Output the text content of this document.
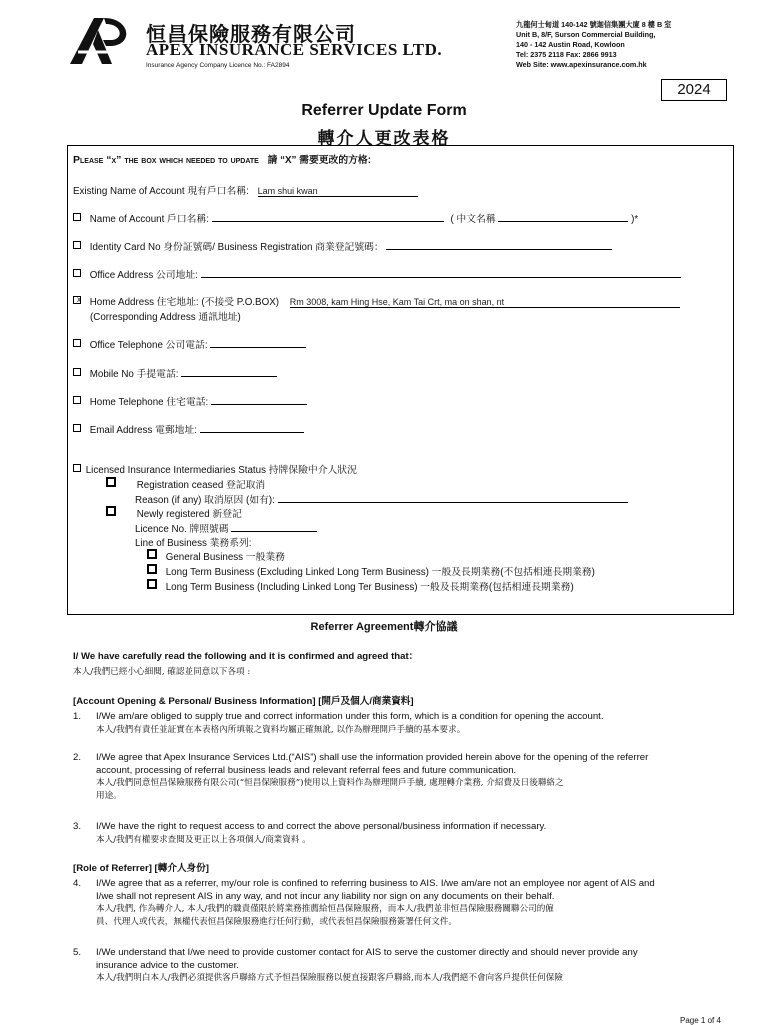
恒昌保險服務有限公司
APEX INSURANCE SERVICES LTD.
Insurance Agency Company Licence No.: FA2894
九龍何士甸道 140-142 號迦信集團大廈 8 樓 B 室
Unit B, 8/F, Surson Commercial Building,
140 - 142 Austin Road, Kowloon
Tel: 2375 2118 Fax: 2866 9913
Web Site: www.apexinsurance.com.hk
2024
Referrer Update Form
轉介人更改表格
Please “x” the box which needed to update 請 “X” 需要更改的方格:
Existing Name of Account 現有戶口名稱: Lam shui kwan
Name of Account 戶口名稱:	( 中文名稱	)*
Identity Card No 身份証號碼/ Business Registration 商業登記號碼：
Office Address 公司地址:
x Home Address 住宅地址: (不接受 P.O.BOX) Rm 3008, kam Hing Hse, Kam Tai Crt, ma on shan, nt
(Corresponding Address 通訊地址)
Office Telephone 公司電話:
Mobile No 手提電話:
Home Telephone 住宅電話:
Email Address 電郵地址:
Licensed Insurance Intermediaries Status 持牌保險中介人狀況
Registration ceased 登記取消
Reason (if any) 取消原因 (如有):
Newly registered 新登記
Licence No. 牌照號碼
Line of Business 業務系列:
General Business 一般業務
Long Term Business (Excluding Linked Long Term Business) 一般及長期業務(不包括相連長期業務)
Long Term Business (Including Linked Long Ter Business) 一般及長期業務(包括相連長期業務)
Referrer Agreement轉介協議
I/ We have carefully read the following and it is confirmed and agreed that：
本人/我們已經小心細閱, 確認並同意以下各項 :
[Account Opening & Personal/ Business Information] [開戶及個人/商業資料]
1. I/We am/are obliged to supply true and correct information under this form, which is a condition for opening the account.
本人/我們有責任並証實在本表格內所填報之資料均屬正確無訛, 以作為辦理開戶手續的基本要求。
2. I/We agree that Apex Insurance Services Ltd.(“AIS”) shall use the information provided herein above for the opening of the referrer
account, processing of referral business leads and relevant referral fees and future communication.
本人/我們同意恒昌保險服務有限公司(“恒昌保險服務”)使用以上資料作為辦理開戶手續, 處理轉介業務, 介紹費及日後聯絡之
用途。
3. I/We have the right to request access to and correct the above personal/business information if necessary.
本人/我們有權要求查閱及更正以上各項個人/商業資料 。
[Role of Referrer] [轉介人身份]
4. I/We agree that as a referrer, my/our role is confined to referring business to AIS. I/we am/are not an employee nor agent of AIS and
I/we shall not represent AIS in any way, and not incur any liability nor sign on any documents on their behalf.
本人/我們, 作為轉介人, 本人/我們的職責僅限於將業務推薦給恒昌保險服務，而本人/我們並非恒昌保險服務關聯公司的僱
員、代理人或代表，無權代表恒昌保險服務進行任何行動，或代表恒昌保險服務簽署任何文件。
5. I/We understand that I/we need to provide customer contact for AIS to serve the customer directly and should never provide any
insurance advice to the customer.
本人/我們明白本人/我們必須提供客戶聯絡方式予恒昌保險服務以便直接跟客戶聯絡,而本人/我們絕不會向客戶提供任何保險
Page 1 of 4
